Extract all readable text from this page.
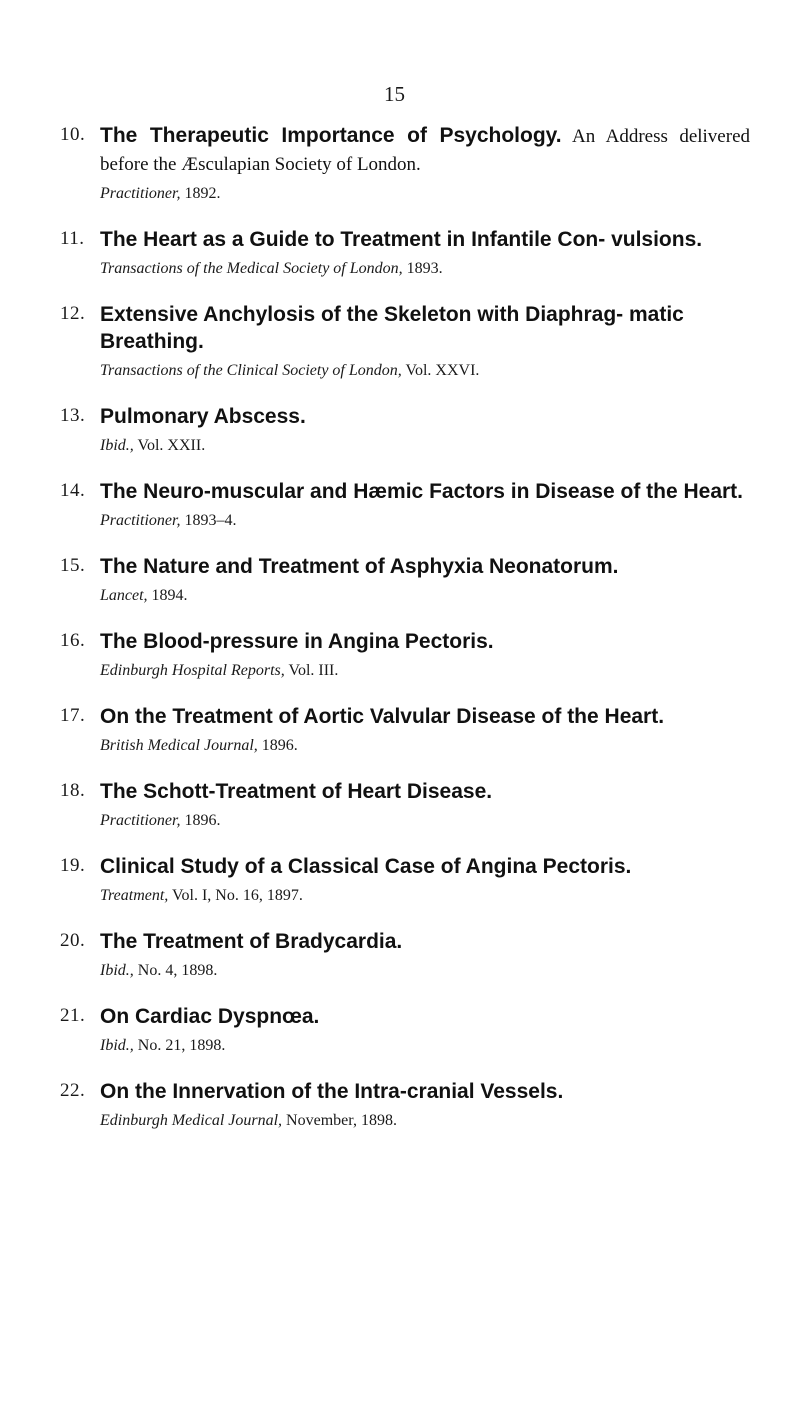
15
10. The Therapeutic Importance of Psychology. An Address delivered before the Æsculapian Society of London.
Practitioner, 1892.
11. The Heart as a Guide to Treatment in Infantile Con- vulsions.
Transactions of the Medical Society of London, 1893.
12. Extensive Anchylosis of the Skeleton with Diaphrag- matic Breathing.
Transactions of the Clinical Society of London, Vol. XXVI.
13. Pulmonary Abscess.
Ibid., Vol. XXII.
14. The Neuro-muscular and Hæmic Factors in Disease of the Heart.
Practitioner, 1893–4.
15. The Nature and Treatment of Asphyxia Neonatorum.
Lancet, 1894.
16. The Blood-pressure in Angina Pectoris.
Edinburgh Hospital Reports, Vol. III.
17. On the Treatment of Aortic Valvular Disease of the Heart.
British Medical Journal, 1896.
18. The Schott-Treatment of Heart Disease.
Practitioner, 1896.
19. Clinical Study of a Classical Case of Angina Pectoris.
Treatment, Vol. I, No. 16, 1897.
20. The Treatment of Bradycardia.
Ibid., No. 4, 1898.
21. On Cardiac Dyspnœa.
Ibid., No. 21, 1898.
22. On the Innervation of the Intra-cranial Vessels.
Edinburgh Medical Journal, November, 1898.
